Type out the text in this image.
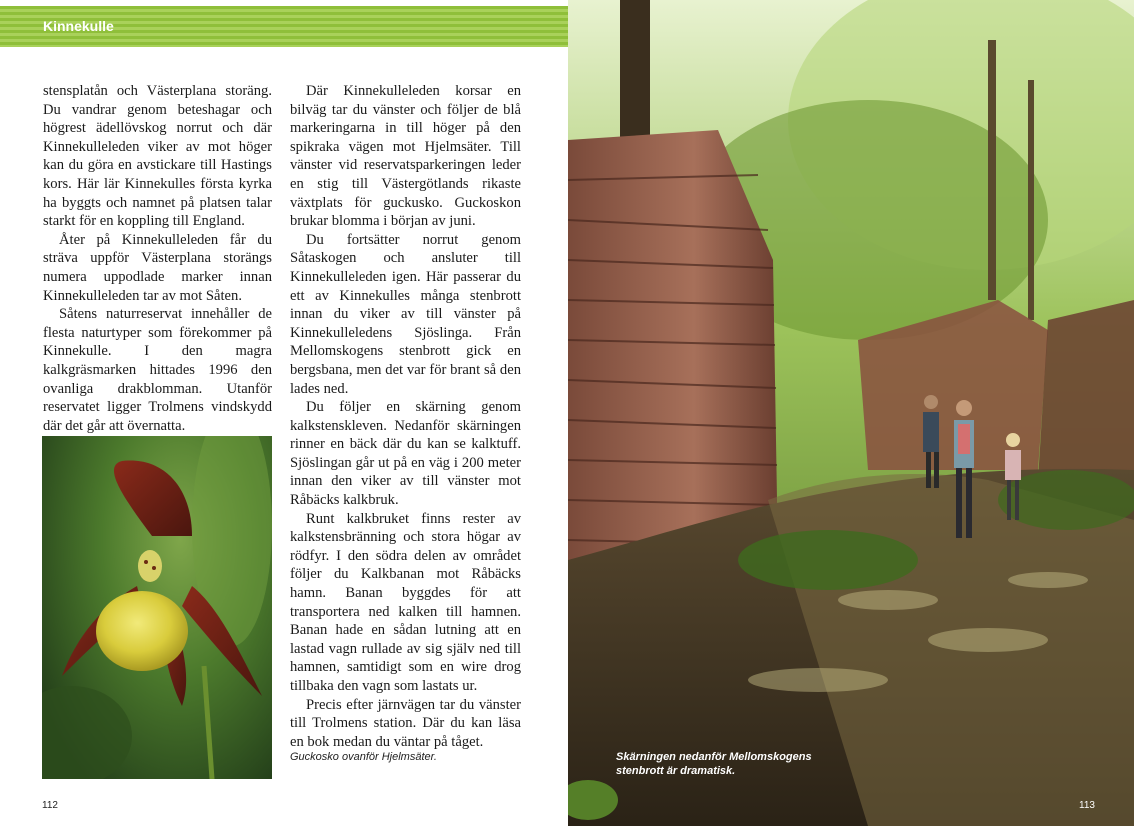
Kinnekulle

stensplatån och Västerplana storäng. Du vandrar genom beteshagar och högrest ädellövskog norrut och där Kinnekulleleden viker av mot höger kan du göra en avstickare till Hastings kors. Här lär Kinnekulles första kyrka ha byggts och namnet på platsen talar starkt för en koppling till England.

Åter på Kinnekulleleden får du sträva uppför Västerplana storängs numera uppodlade marker innan Kinnekulleleden tar av mot Såten.

Såtens naturreservat innehåller de flesta naturtyper som förekommer på Kinnekulle. I den magra kalkgräsmarken hittades 1996 den ovanliga drakblomman. Utanför reservatet ligger Trolmens vindskydd där det går att övernatta.

Där Kinnekulleleden korsar en bilväg tar du vänster och följer de blå markeringarna in till höger på den spikraka vägen mot Hjelmsäter. Till vänster vid reservatsparkeringen leder en stig till Västergötlands rikaste växtplats för guckusko. Guckoskon brukar blomma i början av juni.

Du fortsätter norrut genom Såtaskogen och ansluter till Kinnekulleleden igen. Här passerar du ett av Kinnekulles många stenbrott innan du viker av till vänster på Kinnekulleledens Sjöslinga. Från Mellomskogens stenbrott gick en bergsbana, men det var för brant så den lades ned.

Du följer en skärning genom kalkstenskleven. Nedanför skärningen rinner en bäck där du kan se kalktuff. Sjöslingan går ut på en väg i 200 meter innan den viker av till vänster mot Råbäcks kalkbruk.

Runt kalkbruket finns rester av kalkstensbränning och stora högar av rödfyr. I den södra delen av området följer du Kalkbanan mot Råbäcks hamn. Banan byggdes för att transportera ned kalken till hamnen. Banan hade en sådan lutning att en lastad vagn rullade av sig själv ned till hamnen, samtidigt som en wire drog tillbaka den vagn som lastats ur.

Precis efter järnvägen tar du vänster till Trolmens station. Där du kan läsa en bok medan du väntar på tåget.

Guckosko ovanför Hjelmsäter.
112
Skärningen nedanför Mellomskogens stenbrott är dramatisk.
113
